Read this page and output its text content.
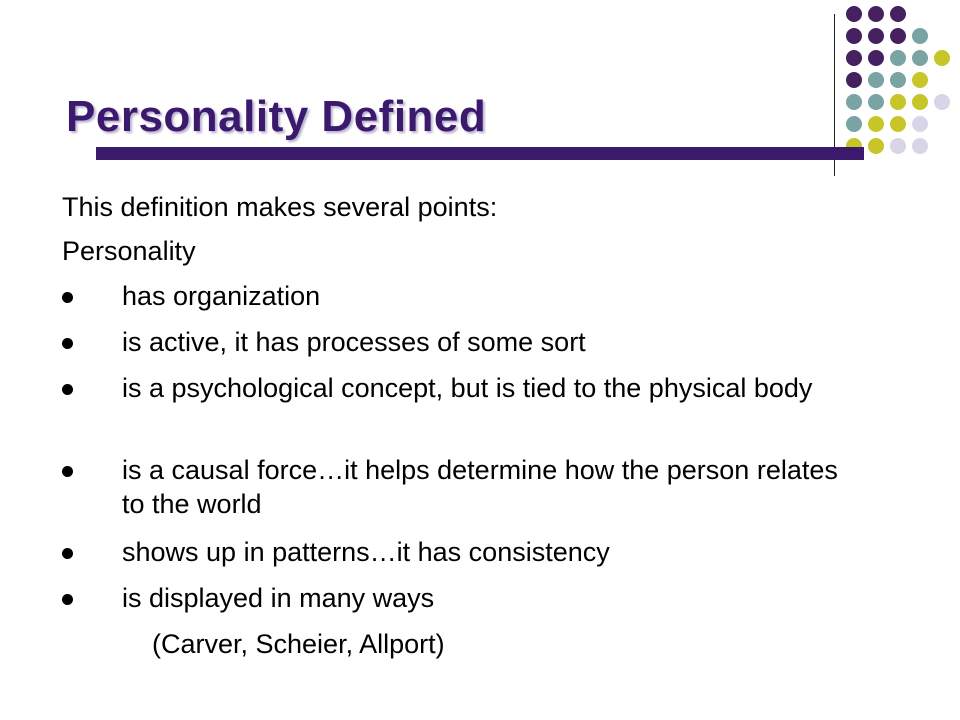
Personality Defined
This definition makes several points:
Personality
has organization
is active, it has processes of some sort
is a psychological concept, but is tied to the physical body
is a causal force…it helps determine how the person relates to the world
shows up in patterns…it has consistency
is displayed in many ways
(Carver, Scheier, Allport)
